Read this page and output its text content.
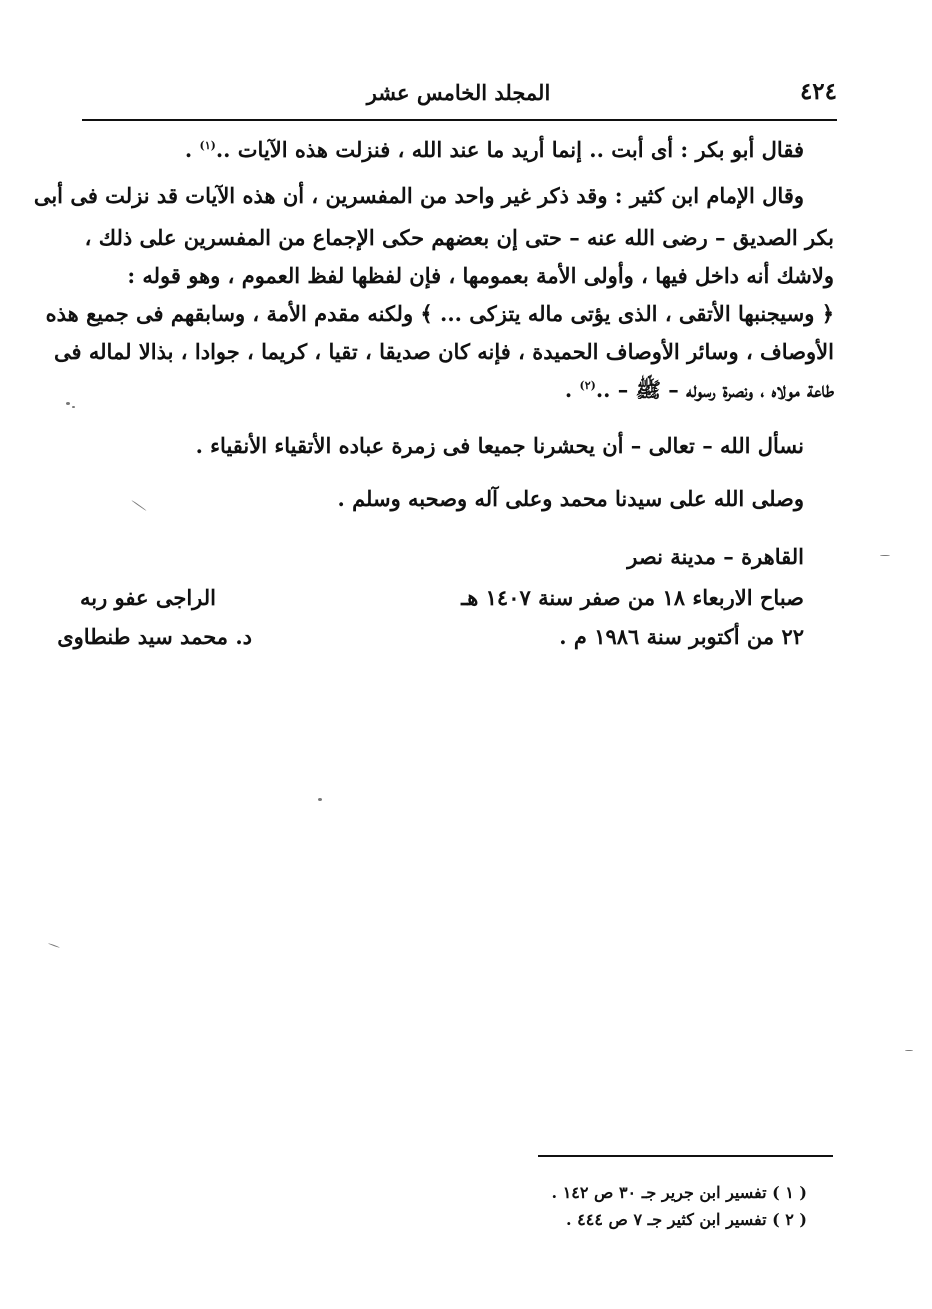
٤٢٤
المجلد الخامس عشر
فقال أبو بكر : أى أبت .. إنما أريد ما عند الله ، فنزلت هذه الآيات ..$^{(١)}$ .
وقال الإمام ابن كثير : وقد ذكر غير واحد من المفسرين ، أن هذه الآيات قد نزلت فى أبى
بكر الصديق – رضى الله عنه – حتى إن بعضهم حكى الإجماع من المفسرين على ذلك ،
ولاشك أنه داخل فيها ، وأولى الأمة بعمومها ، فإن لفظها لفظ العموم ، وهو قوله :
﴿ وسيجنبها الأتقى ، الذى يؤتى ماله يتزكى ... ﴾ ولكنه مقدم الأمة ، وسابقهم فى جميع هذه
الأوصاف ، وسائر الأوصاف الحميدة ، فإنه كان صديقا ، تقيا ، كريما ، جوادا ، بذالا لماله فى
طاعة مولاه ، ونصرة رسوله – ﷺ – ..$^{(٢)}$ .
نسأل الله – تعالى – أن يحشرنا جميعا فى زمرة عباده الأتقياء الأنقياء .
وصلى الله على سيدنا محمد وعلى آله وصحبه وسلم .
القاهرة – مدينة نصر
صباح الاربعاء ١٨ من صفر سنة ١٤٠٧ هـ
٢٢ من أكتوبر سنة ١٩٨٦ م .
الراجى عفو ربه
د. محمد سيد طنطاوى
( ١ ) تفسير ابن جرير جـ ٣٠ ص ١٤٢ .
( ٢ ) تفسير ابن كثير جـ ٧ ص ٤٤٤ .
